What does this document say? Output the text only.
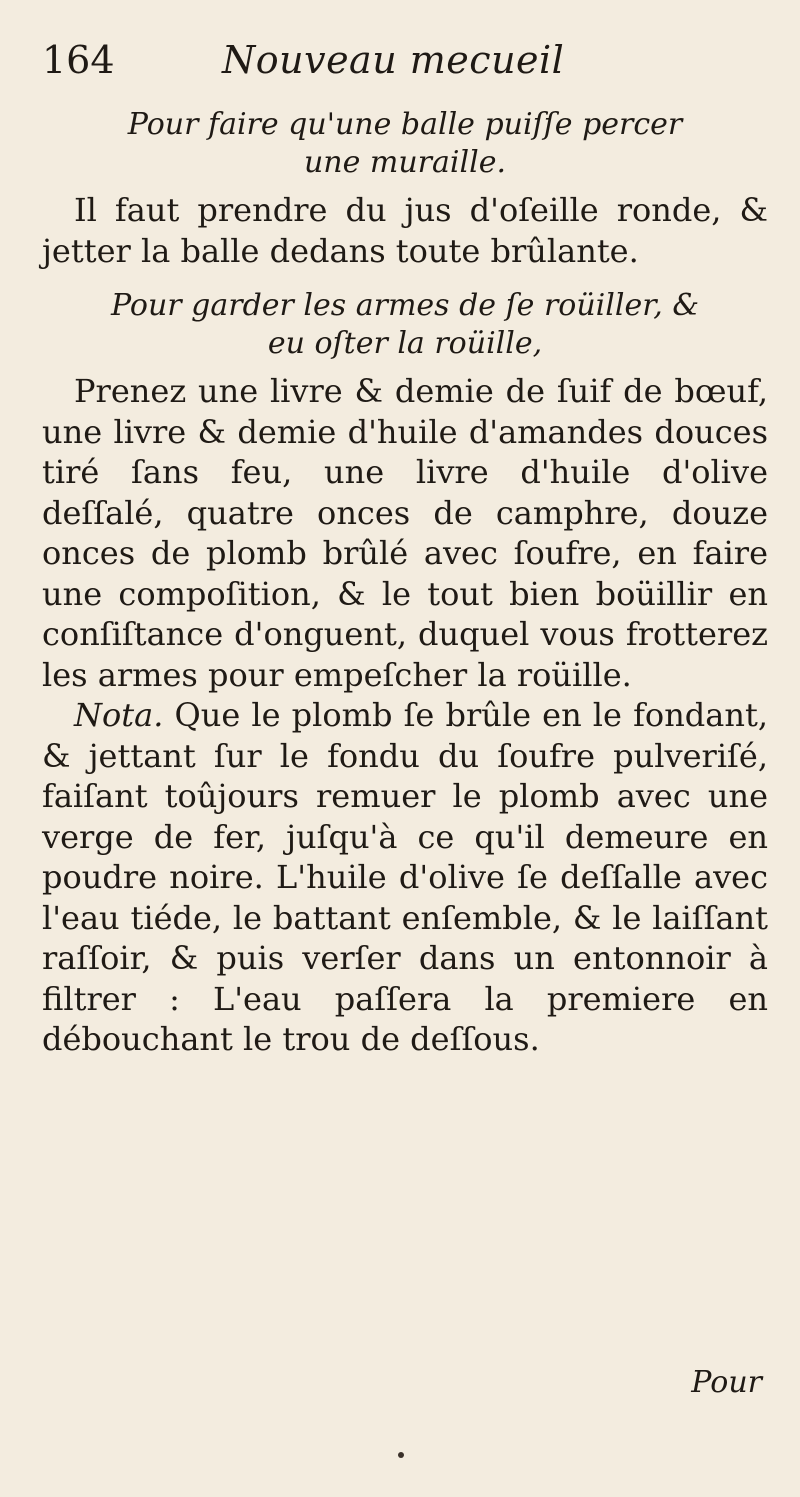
164	Nouveau mecueil
Pour faire qu'une balle puiſſe percer
une muraille.

Il faut prendre du jus d'oſeille ronde, & jetter la balle dedans toute brûlante.

Pour garder les armes de ſe roüiller, &
eu oſter la roüille,

Prenez une livre & demie de ſuif de bœuf, une livre & demie d'huile d'amandes douces tiré ſans feu, une livre d'huile d'olive deſſalé, quatre onces de camphre, douze onces de plomb brûlé avec ſoufre, en faire une compoſition, & le tout bien boüillir en conſiſtance d'onguent, duquel vous frotterez les armes pour empeſcher la roüille.

Nota. Que le plomb ſe brûle en le fondant, & jettant ſur le fondu du ſoufre pulveriſé, faiſant toûjours remuer le plomb avec une verge de fer, juſqu'à ce qu'il demeure en poudre noire. L'huile d'olive ſe deſſalle avec l'eau tiéde, le battant enſemble, & le laiſſant raſſoir, & puis verſer dans un entonnoir à filtrer : L'eau paſſera la premiere en débouchant le trou de deſſous.

Pour
